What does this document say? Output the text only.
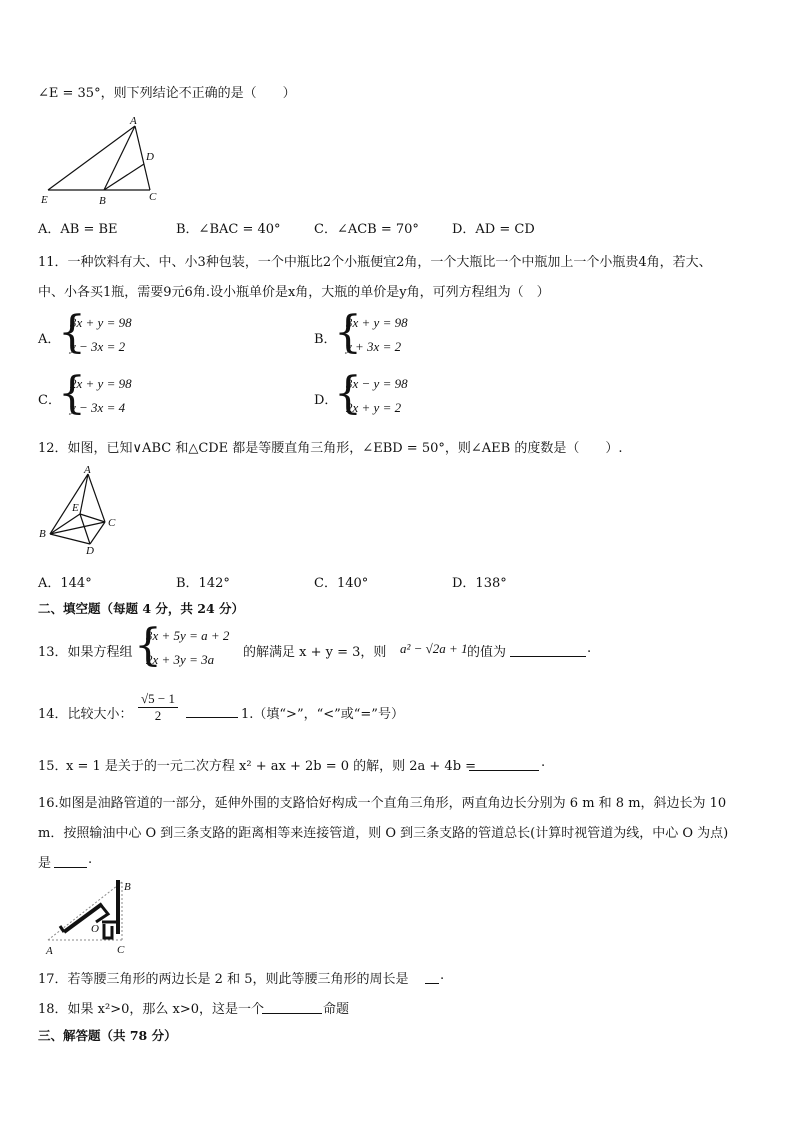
∠E = 35°，则下列结论不正确的是（　　）
A
D
E	B	C
A．AB = BE	B．∠BAC = 40°	C．∠ACB = 70°	D．AD = CD
11．一种饮料有大、中、小3种包装，一个中瓶比2个小瓶便宜2角，一个大瓶比一个中瓶加上一个小瓶贵4角，若大、
中、小各买1瓶，需要9元6角.设小瓶单价是x角，大瓶的单价是y角，可列方程组为（　）
A．
{
3x + y = 98
y − 3x = 2	B．
{
3x + y = 98
y + 3x = 2
C．
{
2x + y = 98
y − 3x = 4	D．
{
3x − y = 98
2x + y = 2
12．如图，已知∨ABC 和△CDE 都是等腰直角三角形，∠EBD = 50°，则∠AEB 的度数是（　　）.
A
E
C
B
D
A．144°	B．142°	C．140°	D．138°
二、填空题（每题 4 分，共 24 分）
13．如果方程组 {
3x + 5y = a + 2
2x + 3y = 3a 的解满足 x + y = 3，则 a² − √2a + 1 的值为	.
14．比较大小： $\frac{√5 - 1}{2}$	1.（填“>”，“<”或“=”号）
15．
x = 1 是关于的一元二次方程 x² + ax + 2b = 0 的解，则 2a + 4b =	.
16.如图是油路管道的一部分，延伸外围的支路恰好构成一个直角三角形，两直角边长分别为 6 m 和 8 m，斜边长为 10
m．按照输油中心 O 到三条支路的距离相等来连接管道，则 O 到三条支路的管道总长(计算时视管道为线，中心 O 为点)
是	.
B
O
A	C
17．若等腰三角形的两边长是 2 和 5，则此等腰三角形的周长是 .
18．如果 x²>0，那么 x>0，这是一个	命题
三、解答题（共 78 分）
